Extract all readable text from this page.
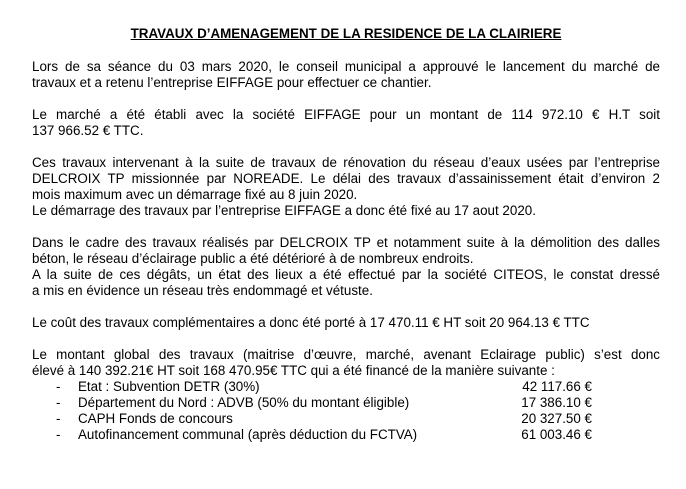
TRAVAUX D’AMENAGEMENT DE LA RESIDENCE DE LA CLAIRIERE
Lors de sa séance du 03 mars 2020, le conseil municipal a approuvé le lancement du marché de
travaux et a retenu l’entreprise EIFFAGE pour effectuer ce chantier.
Le marché a été établi avec la société EIFFAGE pour un montant de 114 972.10 € H.T soit
137 966.52 € TTC.
Ces travaux intervenant à la suite de travaux de rénovation du réseau d’eaux usées par l’entreprise
DELCROIX TP missionnée par NOREADE. Le délai des travaux d’assainissement était d’environ 2
mois maximum avec un démarrage fixé au 8 juin 2020.
Le démarrage des travaux par l’entreprise EIFFAGE a donc été fixé au 17 aout 2020.
Dans le cadre des travaux réalisés par DELCROIX TP et notamment suite à la démolition des dalles
béton, le réseau d’éclairage public a été détérioré à de nombreux endroits.
A la suite de ces dégâts, un état des lieux a été effectué par la société CITEOS, le constat dressé
a mis en évidence un réseau très endommagé et vétuste.
Le coût des travaux complémentaires a donc été porté à 17 470.11 € HT soit 20 964.13 € TTC
Le montant global des travaux (maitrise d’œuvre, marché, avenant Eclairage public) s’est donc
élevé à 140 392.21€ HT soit 168 470.95€ TTC qui a été financé de la manière suivante :
- Etat : Subvention DETR (30%)	42 117.66 €
- Département du Nord : ADVB (50% du montant éligible)	17 386.10 €
- CAPH Fonds de concours	20 327.50 €
- Autofinancement communal (après déduction du FCTVA)	61 003.46 €
